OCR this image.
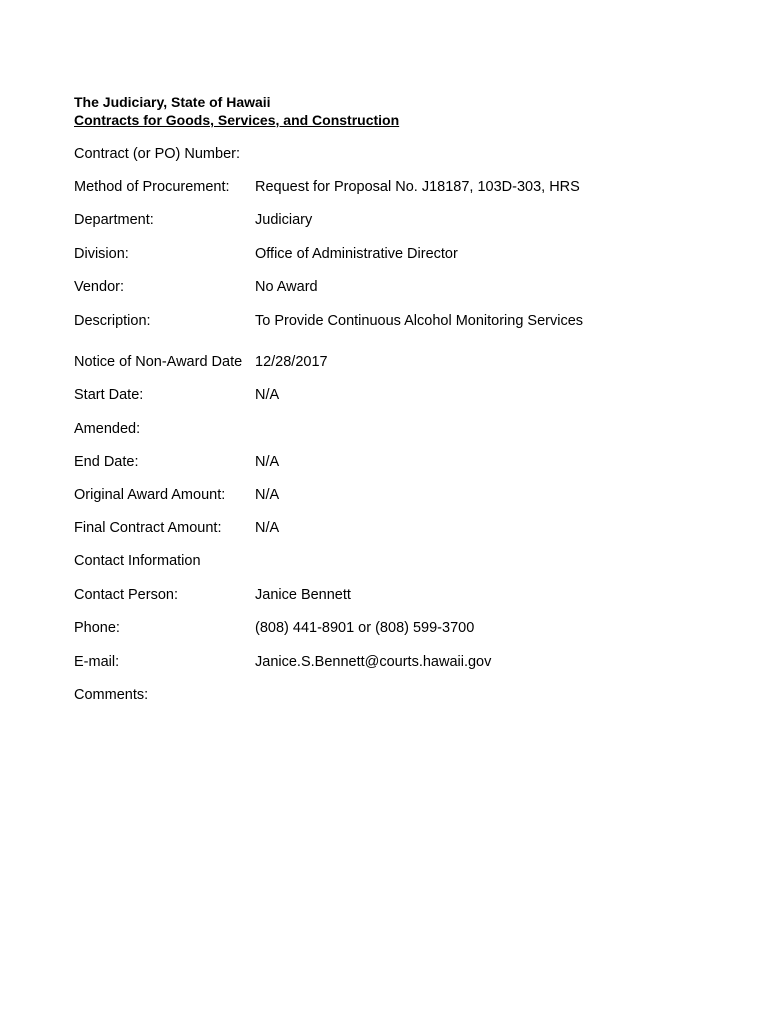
The Judiciary, State of Hawaii
Contracts for Goods, Services, and Construction
Contract (or PO) Number:
Method of Procurement: Request for Proposal No. J18187, 103D-303, HRS
Department:	Judiciary
Division:	Office of Administrative Director
Vendor:	No Award
Description:	To Provide Continuous Alcohol Monitoring Services
Notice of Non-Award Date 12/28/2017
Start Date:	N/A
Amended:
End Date:	N/A
Original Award Amount: N/A
Final Contract Amount: N/A
Contact Information
Contact Person:	Janice Bennett
Phone:	(808) 441-8901 or (808) 599-3700
E-mail:	Janice.S.Bennett@courts.hawaii.gov
Comments:
